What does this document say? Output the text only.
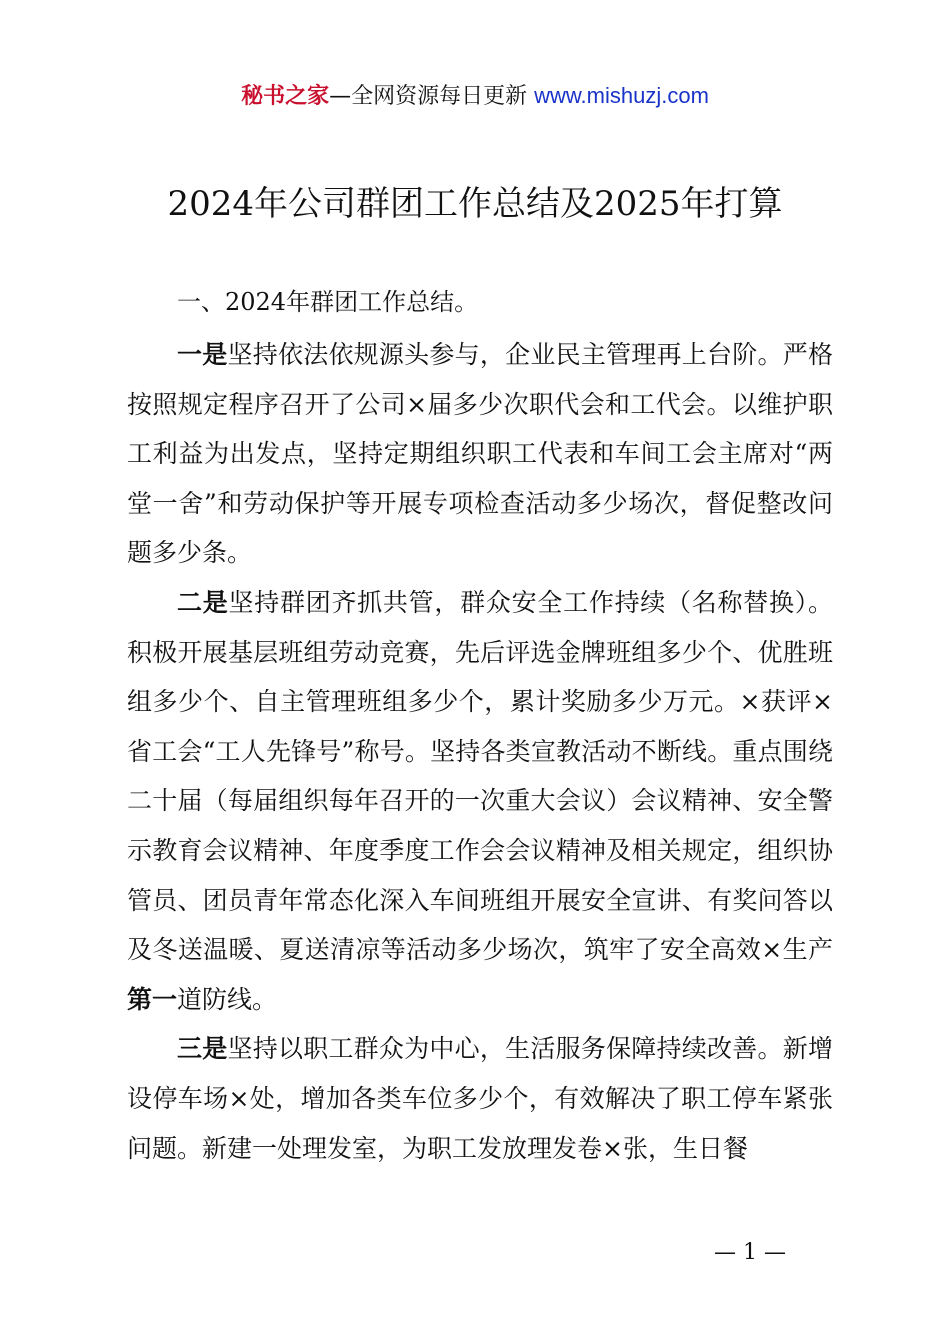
秘书之家—全网资源每日更新 www.mishuzj.com
2024年公司群团工作总结及2025年打算

一、2024年群团工作总结。

一是坚持依法依规源头参与，企业民主管理再上台阶。严格按照规定程序召开了公司×届多少次职代会和工代会。以维护职工利益为出发点，坚持定期组织职工代表和车间工会主席对“两堂一舍”和劳动保护等开展专项检查活动多少场次，督促整改问题多少条。

二是坚持群团齐抓共管，群众安全工作持续（名称替换）。积极开展基层班组劳动竞赛，先后评选金牌班组多少个、优胜班组多少个、自主管理班组多少个，累计奖励多少万元。×获评×省工会“工人先锋号”称号。坚持各类宣教活动不断线。重点围绕二十届（每届组织每年召开的一次重大会议）会议精神、安全警示教育会议精神、年度季度工作会会议精神及相关规定，组织协管员、团员青年常态化深入车间班组开展安全宣讲、有奖问答以及冬送温暖、夏送清凉等活动多少场次，筑牢了安全高效×生产第一道防线。

三是坚持以职工群众为中心，生活服务保障持续改善。新增设停车场×处，增加各类车位多少个，有效解决了职工停车紧张问题。新建一处理发室，为职工发放理发卷×张，生日餐

— 1 —
